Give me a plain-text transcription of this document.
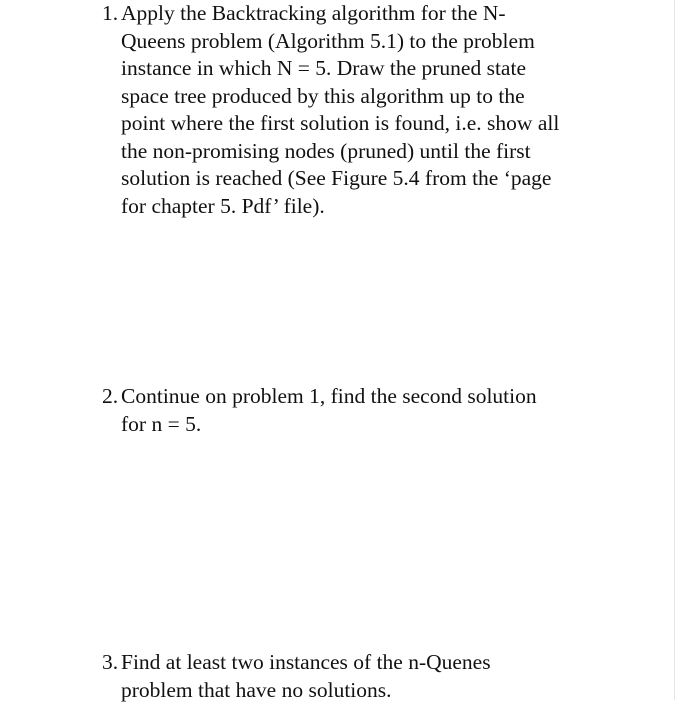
1. Apply the Backtracking algorithm for the N-
Queens problem (Algorithm 5.1) to the problem
instance in which N = 5. Draw the pruned state
space tree produced by this algorithm up to the
point where the first solution is found, i.e. show all
the non-promising nodes (pruned) until the first
solution is reached (See Figure 5.4 from the ‘page
for chapter 5. Pdf’ file).
2. Continue on problem 1, find the second solution
for n = 5.
3. Find at least two instances of the n-Quenes
problem that have no solutions.
